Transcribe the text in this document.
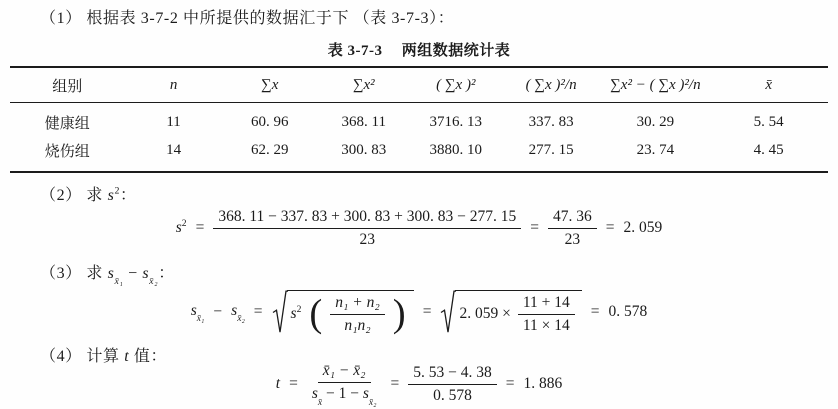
（1） 根据表 3-7-2 中所提供的数据汇于下 （表 3-7-3）：
表 3-7-3 两组数据统计表
组别	n	∑x	∑x²	( ∑x )²	( ∑x )²/n	∑x² − ( ∑x )²/n	x̄
健康组	11	60. 96	368. 11	3716. 13	337. 83	30. 29	5. 54
烧伤组	14	62. 29	300. 83	3880. 10	277. 15	23. 74	4. 45
（2） 求 $s^2$：
$s^2 = \frac{368. 11 - 337. 83 + 300. 83 + 300. 83 - 277. 15}{23} = \frac{47. 36}{23} = 2$. 059
（3） 求 $s_{x̄_1} - s_{x̄_2}$：
$s_{x̄_1} - s_{x̄_2} = s^2$ ( $\frac{\text{n₁ + n₂}}{\text{n₁n₂}}$ ) = 2. $059 \times \frac{11 + 14}{11 \times 14} = 0$. 578
（4） 计算 t 值：
$t = \frac{\text{x̄₁ − x̄₂}}{s_{x̄} - 1 - s_{x̄_2}} = \frac{5. 53 - 4. 38}{0. 578} = 1$. 886
